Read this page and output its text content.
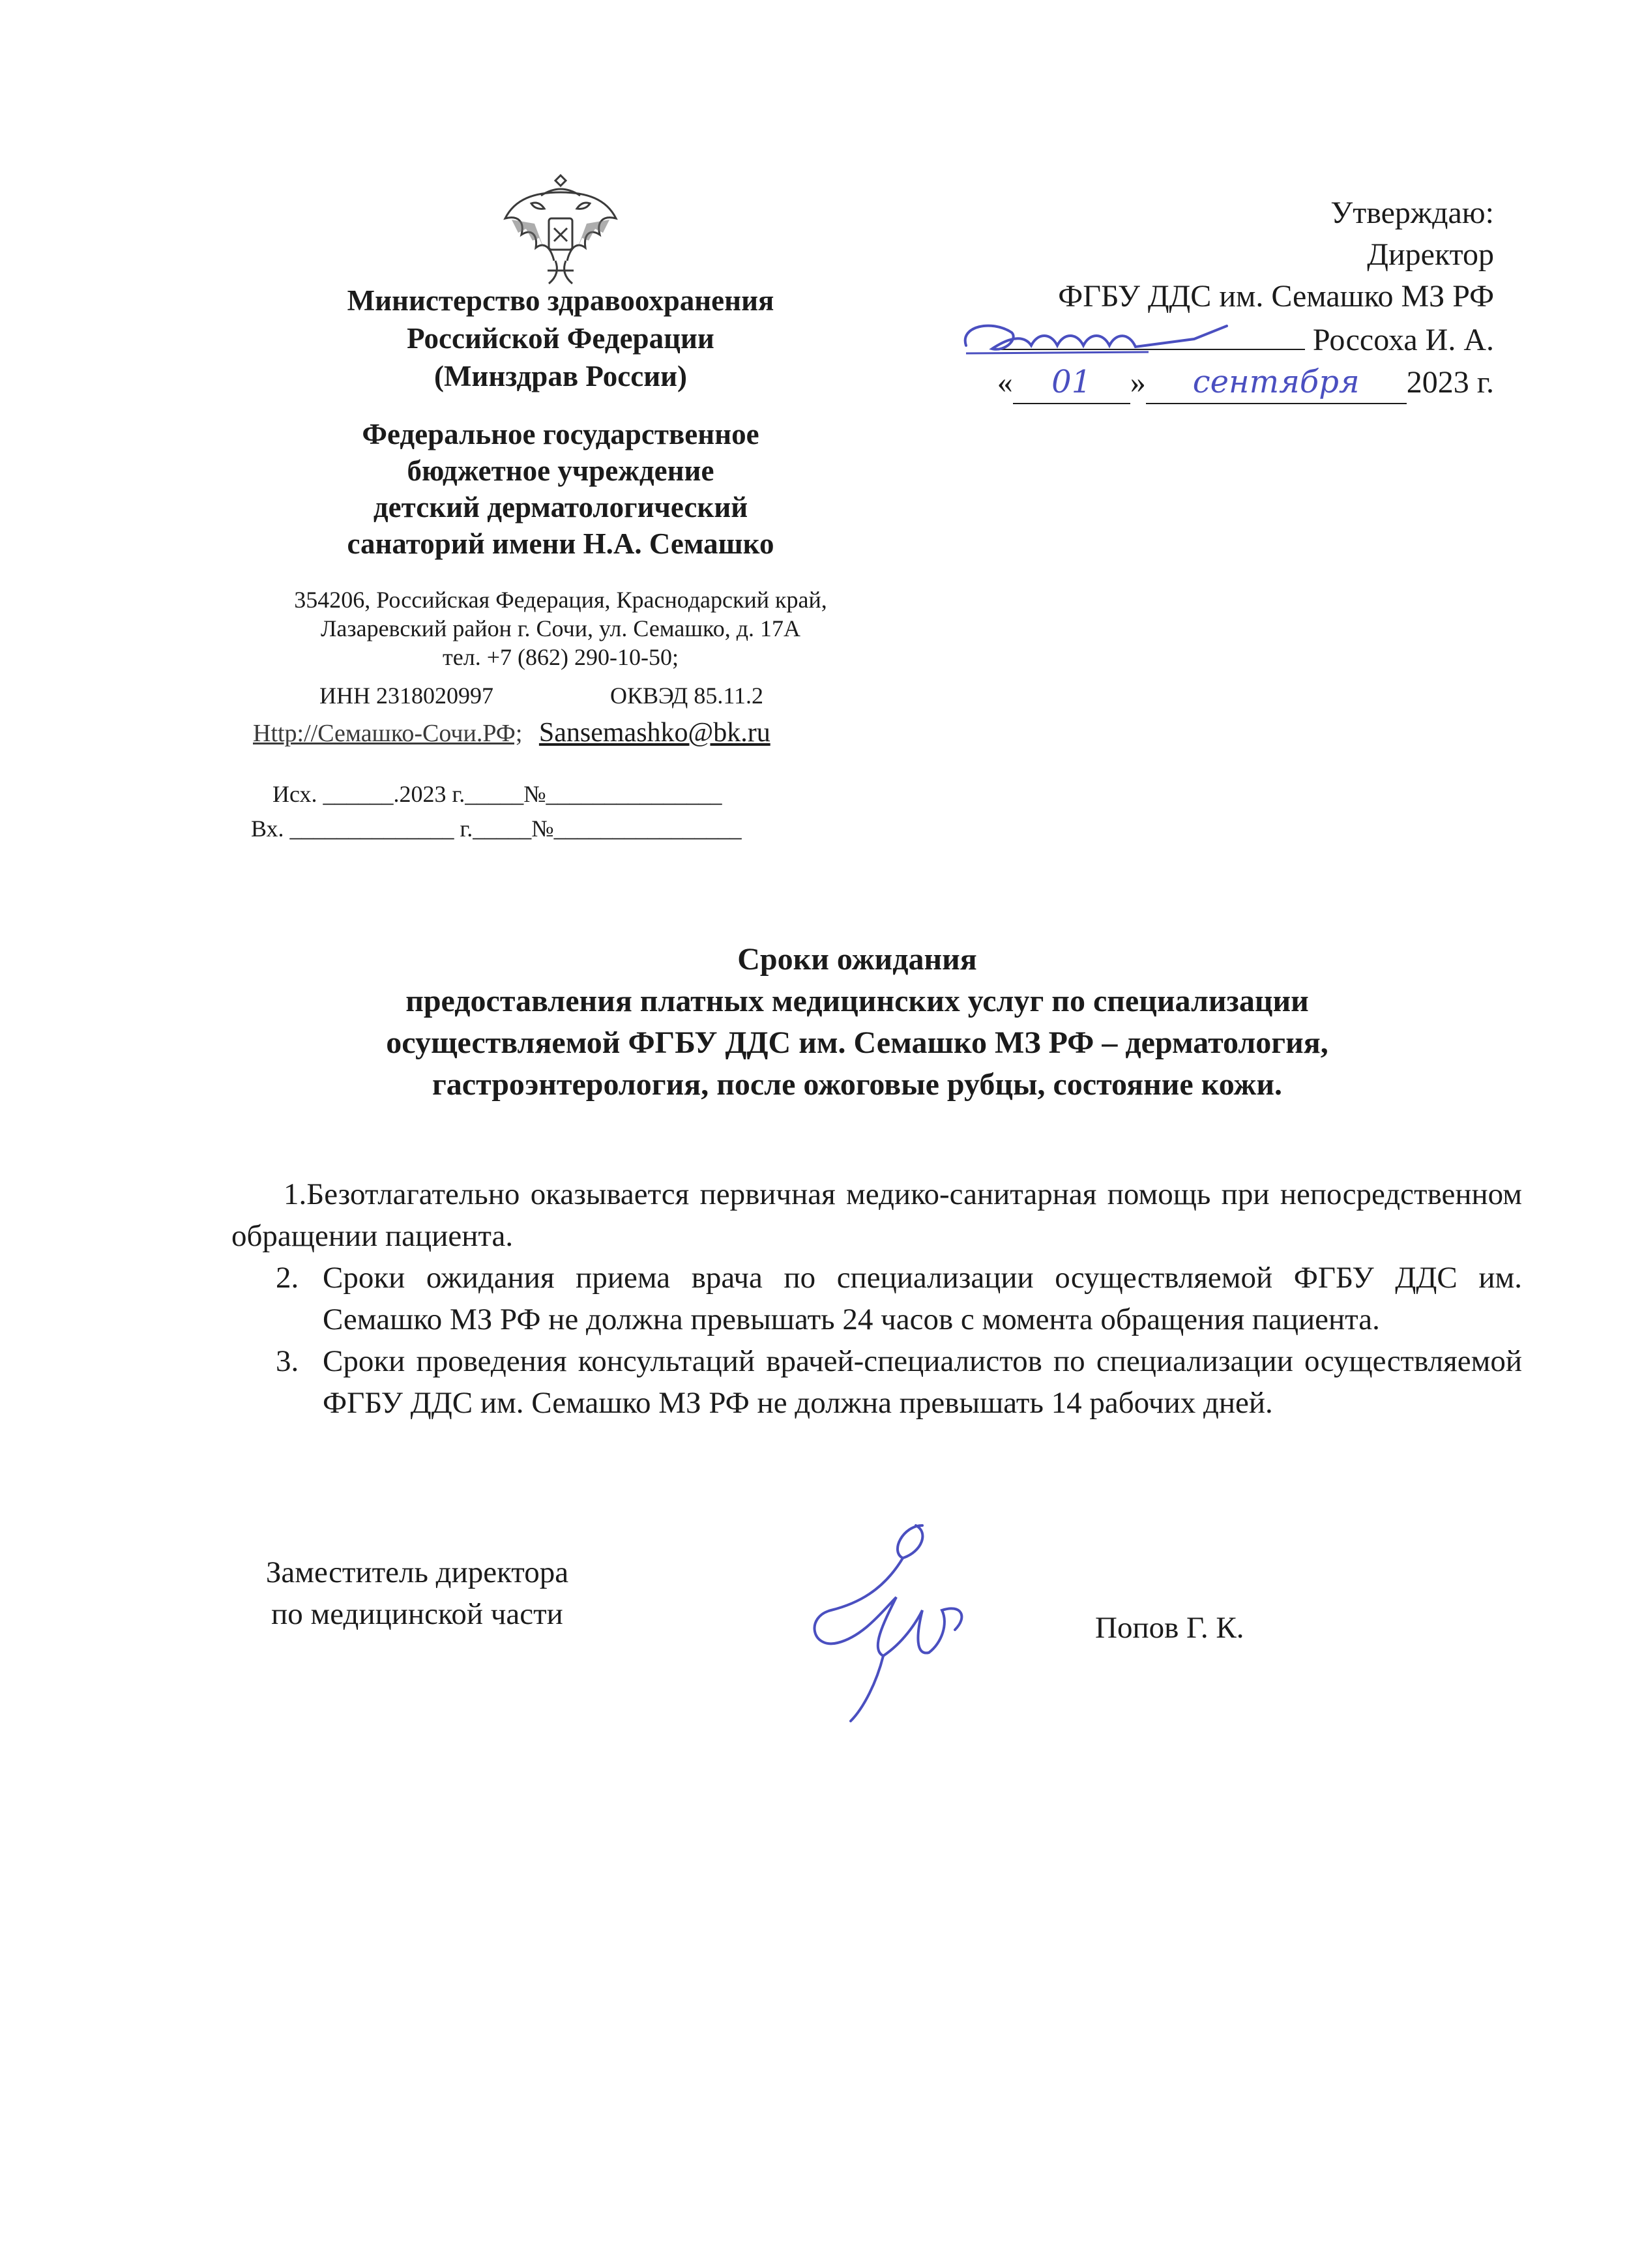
Министерство здравоохранения
Российской Федерации
(Минздрав России)
Федеральное государственное
бюджетное учреждение
детский дерматологический
санаторий имени Н.А. Семашко
354206, Российская Федерация, Краснодарский край,
Лазаревский район г. Сочи, ул. Семашко, д. 17А
тел. +7 (862) 290-10-50;
ИНН 2318020997	ОКВЭД 85.11.2
Http://Семашко-Сочи.РФ; Sansemashko@bk.ru
Исх. ______.2023 г._____№_______________
Вх. ______________ г._____№________________
Утверждаю:
Директор
ФГБУ ДДС им. Семашко МЗ РФ
Россоха И. А.
« 01 » сентября 2023 г.
Сроки ожидания
предоставления платных медицинских услуг по специализации
осуществляемой ФГБУ ДДС им. Семашко МЗ РФ – дерматология,
гастроэнтерология, после ожоговые рубцы, состояние кожи.

1.Безотлагательно оказывается первичная медико-санитарная помощь при непосредственном обращении пациента.

2. Сроки ожидания приема врача по специализации осуществляемой ФГБУ ДДС им. Семашко МЗ РФ не должна превышать 24 часов с момента обращения пациента.

3. Сроки проведения консультаций врачей-специалистов по специализации осуществляемой ФГБУ ДДС им. Семашко МЗ РФ не должна превышать 14 рабочих дней.

Заместитель директора
по медицинской части	Попов Г. К.
